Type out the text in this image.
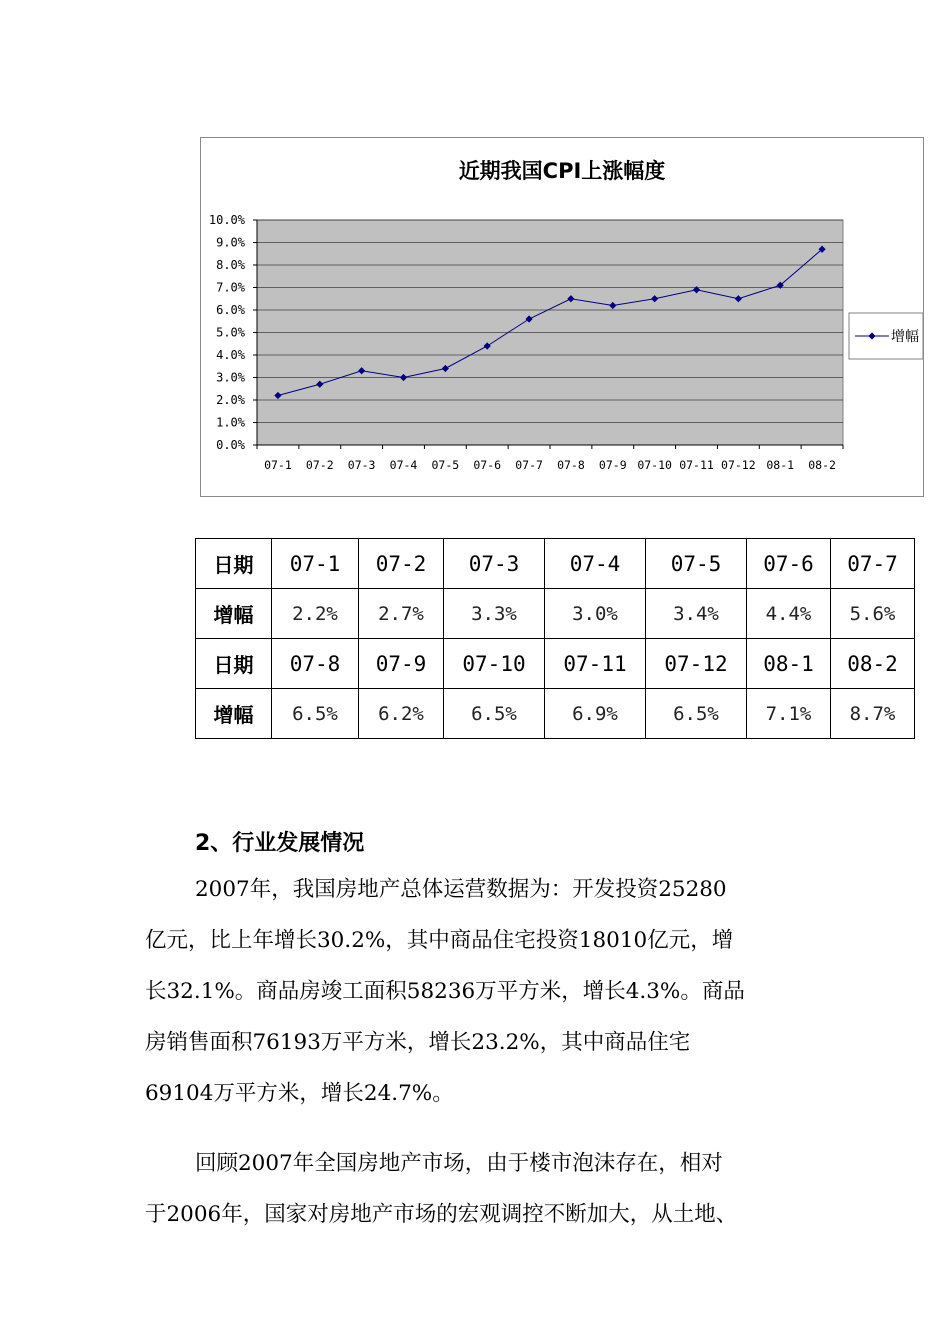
近期我国CPI上涨幅度
0.0%
1.0%
2.0%
3.0%
4.0%
5.0%
6.0%
7.0%
8.0%
9.0%
10.0%
07-1 07-2 07-3 07-4 07-5 07-6 07-7 07-8 07-9 07-10 07-11 07-12 08-1 08-2
增幅
日期	07-1	07-2	07-3	07-4	07-5	07-6	07-7
增幅	2.2%	2.7%	3.3%	3.0%	3.4%	4.4%	5.6%
日期	07-8	07-9	07-10	07-11	07-12	08-1	08-2
增幅	6.5%	6.2%	6.5%	6.9%	6.5%	7.1%	8.7%
2、行业发展情况

2007年，我国房地产总体运营数据为：开发投资25280
亿元，比上年增长30.2%，其中商品住宅投资18010亿元，增
长32.1%。商品房竣工面积58236万平方米，增长4.3%。商品
房销售面积76193万平方米，增长23.2%，其中商品住宅
69104万平方米，增长24.7%。

回顾2007年全国房地产市场，由于楼市泡沫存在，相对
于2006年，国家对房地产市场的宏观调控不断加大，从土地、
